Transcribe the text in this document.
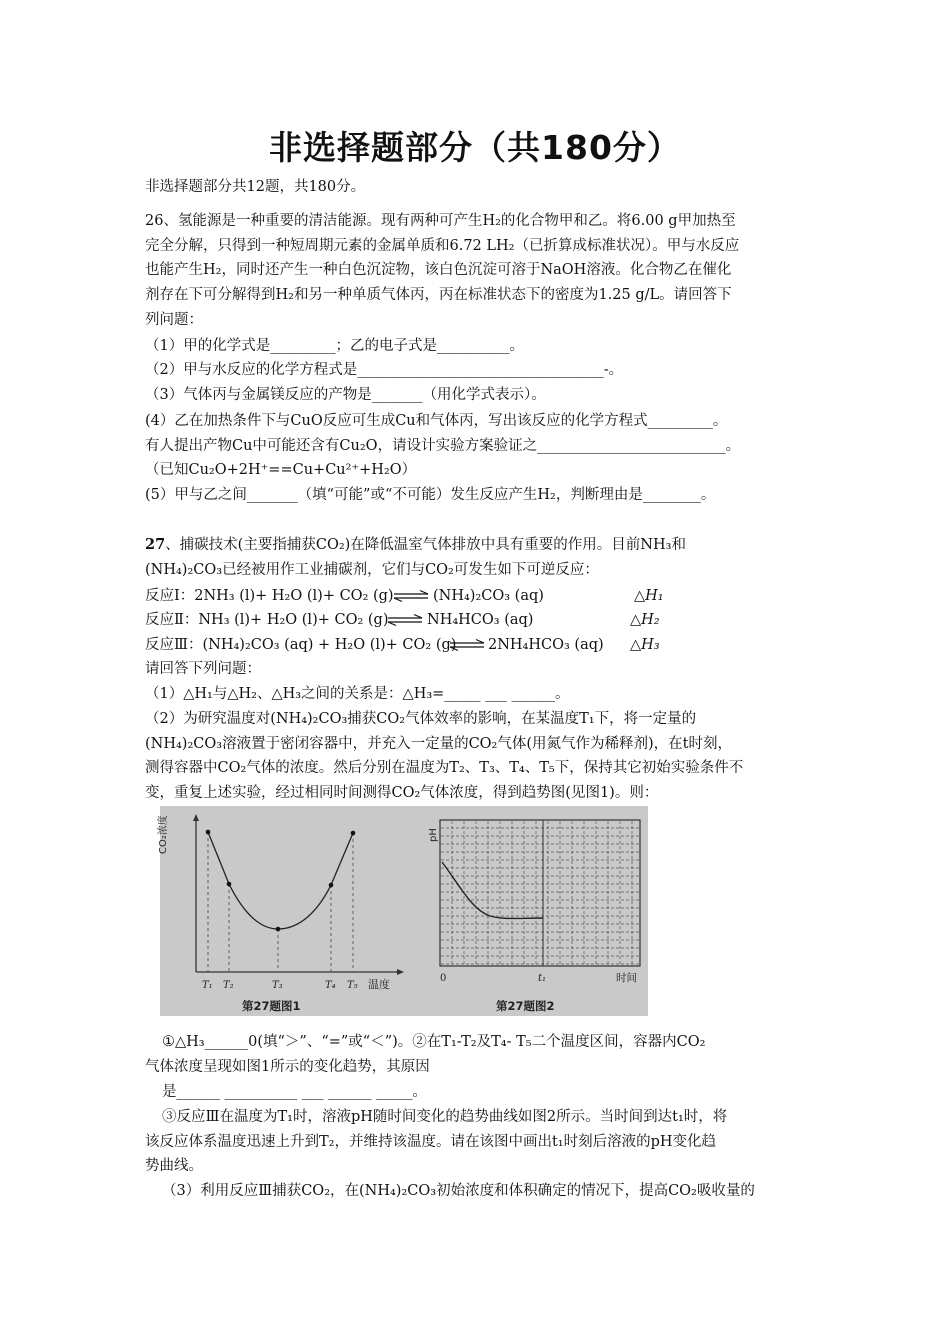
非选择题部分（共180分）
非选择题部分共12题，共180分。
26、氢能源是一种重要的清洁能源。现有两种可产生H₂的化合物甲和乙。将6.00 g甲加热至
完全分解，只得到一种短周期元素的金属单质和6.72 LH₂（已折算成标准状况）。甲与水反应
也能产生H₂，同时还产生一种白色沉淀物，该白色沉淀可溶于NaOH溶液。化合物乙在催化
剂存在下可分解得到H₂和另一种单质气体丙，丙在标准状态下的密度为1.25 g/L。请回答下
列问题：
（1）甲的化学式是_________；乙的电子式是__________。
（2）甲与水反应的化学方程式是__________________________________-。
（3）气体丙与金属镁反应的产物是_______（用化学式表示）。
(4）乙在加热条件下与CuO反应可生成Cu和气体丙，写出该反应的化学方程式_________。
有人提出产物Cu中可能还含有Cu₂O，请设计实验方案验证之__________________________。
（已知Cu₂O+2H⁺==Cu+Cu²⁺+H₂O）
(5）甲与乙之间_______（填“可能”或“不可能）发生反应产生H₂，判断理由是________。
27、捕碳技术(主要指捕获CO₂)在降低温室气体排放中具有重要的作用。目前NH₃和
(NH₄)₂CO₃已经被用作工业捕碳剂，它们与CO₂可发生如下可逆反应：
反应Ⅰ：2NH₃ (l)+ H₂O (l)+ CO₂ (g) ⇌ (NH₄)₂CO₃ (aq)	△H₁
反应Ⅱ：NH₃ (l)+ H₂O (l)+ CO₂ (g) ⇌ NH₄HCO₃ (aq)	△H₂
反应Ⅲ：(NH₄)₂CO₃ (aq) + H₂O (l)+ CO₂ (g) ⇌ 2NH₄HCO₃ (aq) △H₃
请回答下列问题：
（1）△H₁与△H₂、△H₃之间的关系是：△H₃=_____ ___ ______。
（2）为研究温度对(NH₄)₂CO₃捕获CO₂气体效率的影响，在某温度T₁下，将一定量的
(NH₄)₂CO₃溶液置于密闭容器中，并充入一定量的CO₂气体(用氮气作为稀释剂)，在t时刻，
测得容器中CO₂气体的浓度。然后分别在温度为T₂、T₃、T₄、T₅下，保持其它初始实验条件不
变，重复上述实验，经过相同时间测得CO₂气体浓度，得到趋势图(见图1)。则：
CO₂浓度
T₁ T₂	T₃	T₄ T₅ 温度
第27题图1
pH
0	t₁	时间
第27题图2
①△H₃______0(填“＞”、“=”或“＜”)。②在T₁-T₂及T₄- T₅二个温度区间，容器内CO₂
气体浓度呈现如图1所示的变化趋势，其原因
是______ __________ ___ ______ _____。
③反应Ⅲ在温度为T₁时，溶液pH随时间变化的趋势曲线如图2所示。当时间到达t₁时，将
该反应体系温度迅速上升到T₂，并维持该温度。请在该图中画出t₁时刻后溶液的pH变化趋
势曲线。
（3）利用反应Ⅲ捕获CO₂，在(NH₄)₂CO₃初始浓度和体积确定的情况下，提高CO₂吸收量的
